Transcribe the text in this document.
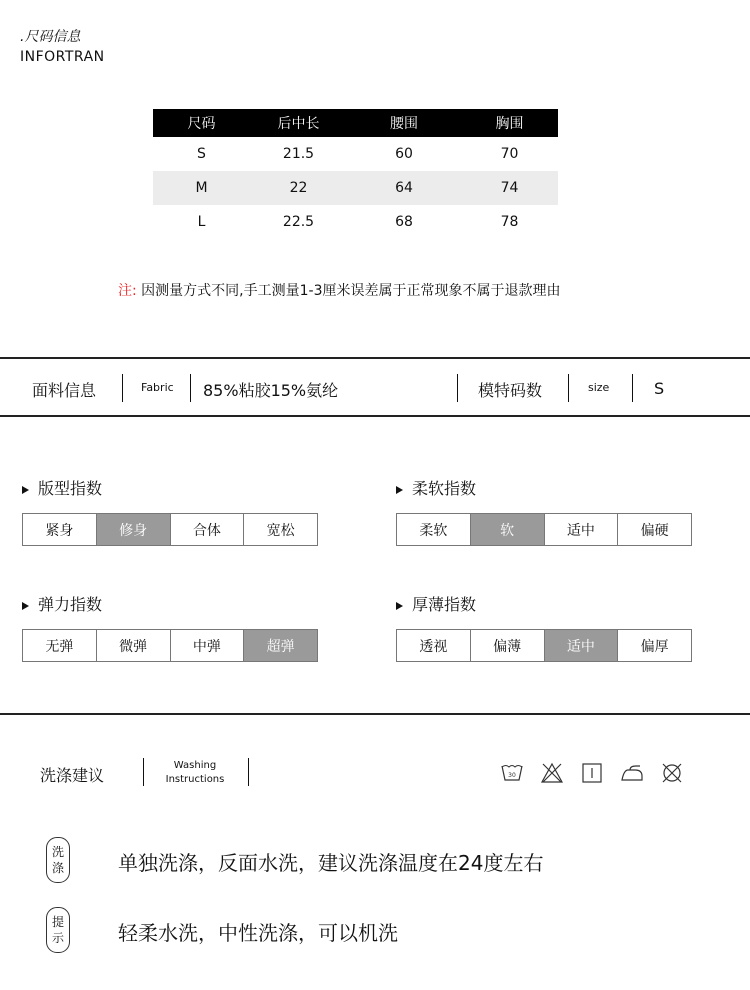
.尺码信息
INFORTRAN
尺码	后中长	腰围	胸围
S	21.5	60	70
M	22	64	74
L	22.5	68	78
注: 因测量方式不同,手工测量1-3厘米误差属于正常现象不属于退款理由
面料信息	Fabric 85%粘胶15%氨纶	模特码数	size	S
版型指数
紧身	修身	合体	宽松
柔软指数
柔软	软	适中	偏硬
弹力指数
无弹	微弹	中弹	超弹
厚薄指数
透视	偏薄	适中	偏厚
洗涤建议
Washing
Instructions	30
洗
涤	单独洗涤，反面水洗，建议洗涤温度在24度左右
提
示	轻柔水洗，中性洗涤，可以机洗
